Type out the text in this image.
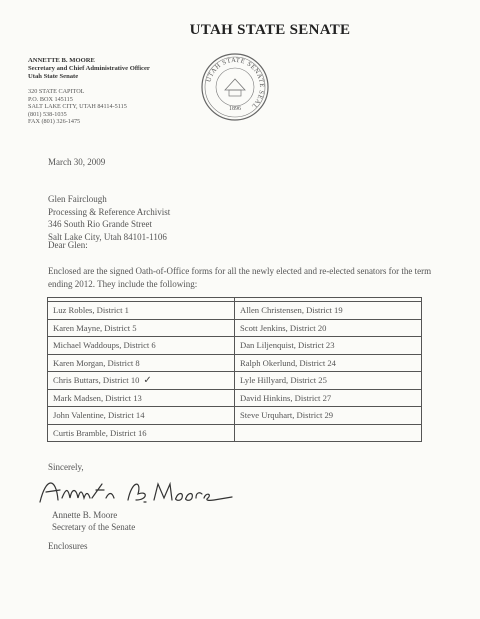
UTAH STATE SENATE
ANNETTE B. MOORE
Secretary and Chief Administrative Officer
Utah State Senate
320 STATE CAPITOL
P.O. BOX 145115
SALT LAKE CITY, UTAH 84114-5115
(801) 538-1035
FAX (801) 326-1475
UTAH STATE SENATE SEAL
1896
March 30, 2009
Glen Fairclough
Processing & Reference Archivist
346 South Rio Grande Street
Salt Lake City, Utah 84101-1106
Dear Glen:
Enclosed are the signed Oath-of-Office forms for all the newly elected and re-elected senators for the term ending 2012. They include the following:

Luz Robles, District 1	Allen Christensen, District 19
Karen Mayne, District 5	Scott Jenkins, District 20
Michael Waddoups, District 6	Dan Liljenquist, District 23
Karen Morgan, District 8	Ralph Okerlund, District 24
Chris Buttars, District 10 ✓	Lyle Hillyard, District 25
Mark Madsen, District 13	David Hinkins, District 27
John Valentine, District 14	Steve Urquhart, District 29
Curtis Bramble, District 16	
Sincerely,
Annette B. Moore
Secretary of the Senate
Enclosures
